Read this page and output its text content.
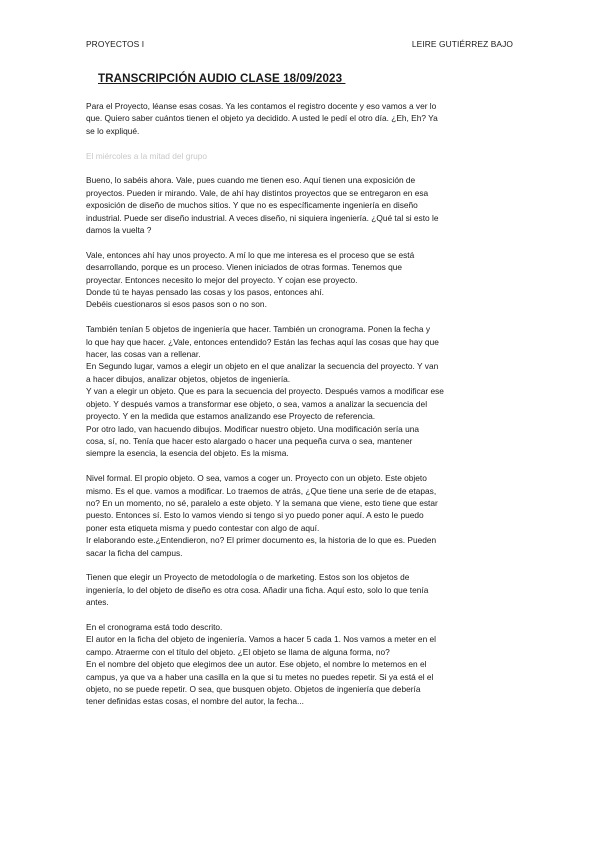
PROYECTOS I	LEIRE GUTIÉRREZ BAJO
TRANSCRIPCIÓN AUDIO CLASE 18/09/2023
Para el Proyecto, léanse esas cosas. Ya les contamos el registro docente y eso vamos a ver lo
que. Quiero saber cuántos tienen el objeto ya decidido. A usted le pedí el otro día. ¿Eh, Eh? Ya
se lo expliqué.
El miércoles a la mitad del grupo
Bueno, lo sabéis ahora. Vale, pues cuando me tienen eso. Aquí tienen una exposición de
proyectos. Pueden ir mirando. Vale, de ahí hay distintos proyectos que se entregaron en esa
exposición de diseño de muchos sitios. Y que no es específicamente ingeniería en diseño
industrial. Puede ser diseño industrial. A veces diseño, ni siquiera ingeniería. ¿Qué tal si esto le
damos la vuelta ?
Vale, entonces ahí hay unos proyecto. A mí lo que me interesa es el proceso que se está
desarrollando, porque es un proceso. Vienen iniciados de otras formas. Tenemos que
proyectar. Entonces necesito lo mejor del proyecto. Y cojan ese proyecto.
Donde tú te hayas pensado las cosas y los pasos, entonces ahí.
Debéis cuestionaros si esos pasos son o no son.
También tenían 5 objetos de ingeniería que hacer. También un cronograma. Ponen la fecha y
lo que hay que hacer. ¿Vale, entonces entendido? Están las fechas aquí las cosas que hay que
hacer, las cosas van a rellenar.
En Segundo lugar, vamos a elegir un objeto en el que analizar la secuencia del proyecto. Y van
a hacer dibujos, analizar objetos, objetos de ingeniería.
Y van a elegir un objeto. Que es para la secuencia del proyecto. Después vamos a modificar ese
objeto. Y después vamos a transformar ese objeto, o sea, vamos a analizar la secuencia del
proyecto. Y en la medida que estamos analizando ese Proyecto de referencia.
Por otro lado, van hacuendo dibujos. Modificar nuestro objeto. Una modificación sería una
cosa, sí, no. Tenía que hacer esto alargado o hacer una pequeña curva o sea, mantener
siempre la esencia, la esencia del objeto. Es la misma.
Nivel formal. El propio objeto. O sea, vamos a coger un. Proyecto con un objeto. Este objeto
mismo. Es el que. vamos a modificar. Lo traemos de atrás, ¿Que tiene una serie de de etapas,
no? En un momento, no sé, paralelo a este objeto. Y la semana que viene, esto tiene que estar
puesto. Entonces sí. Esto lo vamos viendo si tengo si yo puedo poner aquí. A esto le puedo
poner esta etiqueta misma y puedo contestar con algo de aquí.
Ir elaborando este.¿Entendieron, no? El primer documento es, la historia de lo que es. Pueden
sacar la ficha del campus.
Tienen que elegir un Proyecto de metodología o de marketing. Estos son los objetos de
ingeniería, lo del objeto de diseño es otra cosa. Añadir una ficha. Aquí esto, solo lo que tenía
antes.
En el cronograma está todo descrito.
El autor en la ficha del objeto de ingeniería. Vamos a hacer 5 cada 1. Nos vamos a meter en el
campo. Atraerme con el título del objeto. ¿El objeto se llama de alguna forma, no?
En el nombre del objeto que elegimos dee un autor. Ese objeto, el nombre lo metemos en el
campus, ya que va a haber una casilla en la que si tu metes no puedes repetir. Si ya está el el
objeto, no se puede repetir. O sea, que busquen objeto. Objetos de ingeniería que debería
tener definidas estas cosas, el nombre del autor, la fecha...
